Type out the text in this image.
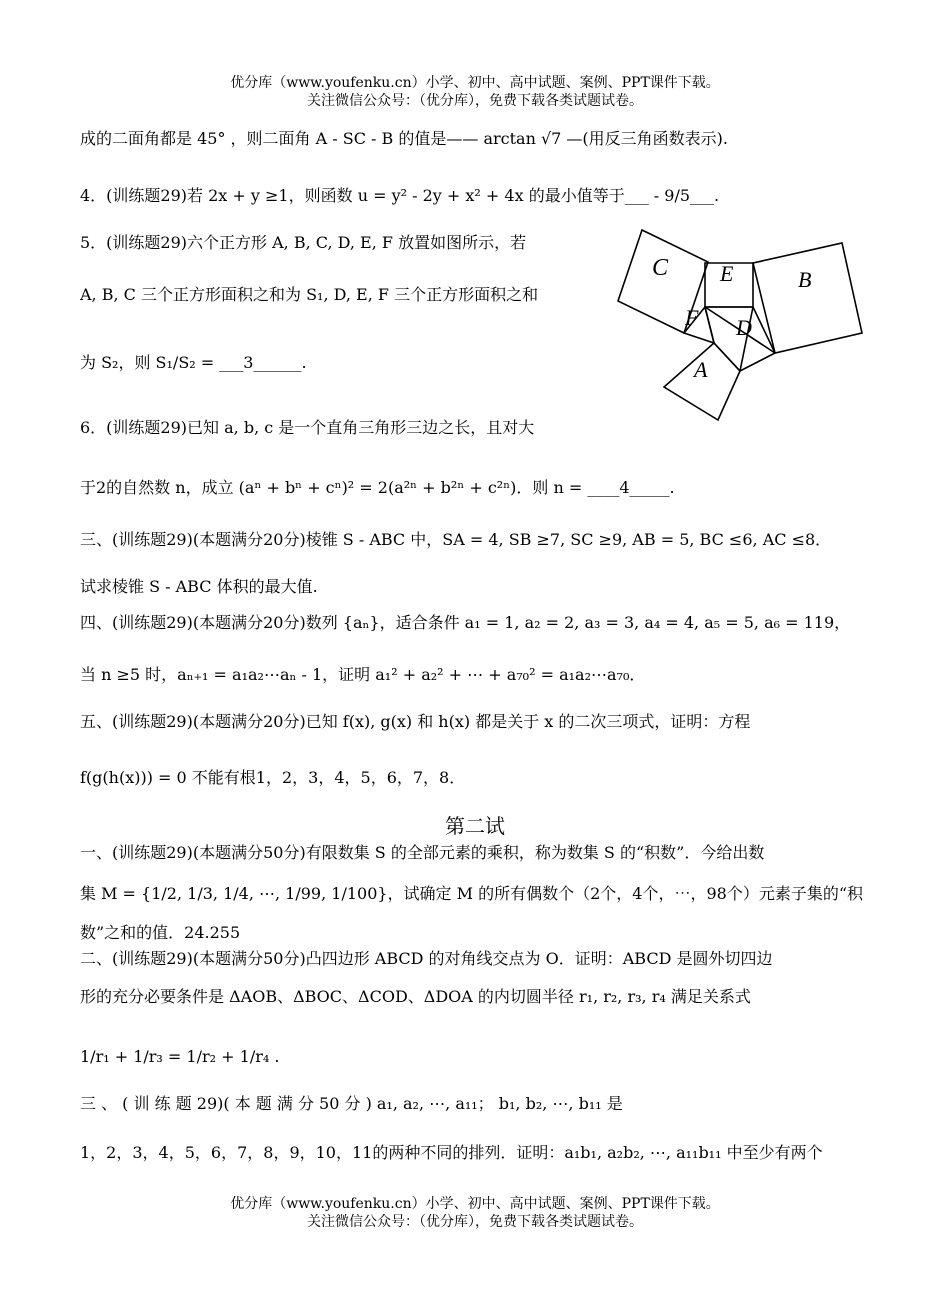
优分库（www.youfenku.cn）小学、初中、高中试题、案例、PPT课件下载。
关注微信公众号：（优分库），免费下载各类试题试卷。
成的二面角都是 45° ，则二面角 A - SC - B 的值是—— arctan √7 —(用反三角函数表示).
4．(训练题29)若 2x + y ≥1，则函数 u = y² - 2y + x² + 4x 的最小值等于___ - 9/5___.
5．(训练题29)六个正方形 A, B, C, D, E, F 放置如图所示，若
A, B, C 三个正方形面积之和为 S₁, D, E, F 三个正方形面积之和
为 S₂，则 S₁/S₂ = ___3______.
6．(训练题29)已知 a, b, c 是一个直角三角形三边之长，且对大
于2的自然数 n，成立 (aⁿ + bⁿ + cⁿ)² = 2(a²ⁿ + b²ⁿ + c²ⁿ)．则 n = ____4_____.
三、(训练题29)(本题满分20分)棱锥 S - ABC 中，SA = 4, SB ≥7, SC ≥9, AB = 5, BC ≤6, AC ≤8．
试求棱锥 S - ABC 体积的最大值.
四、(训练题29)(本题满分20分)数列 {aₙ}，适合条件 a₁ = 1, a₂ = 2, a₃ = 3, a₄ = 4, a₅ = 5, a₆ = 119，
当 n ≥5 时，aₙ₊₁ = a₁a₂⋯aₙ - 1，证明 a₁² + a₂² + ⋯ + a₇₀² = a₁a₂⋯a₇₀．
五、(训练题29)(本题满分20分)已知 f(x), g(x) 和 h(x) 都是关于 x 的二次三项式，证明：方程
f(g(h(x))) = 0 不能有根1，2，3，4，5，6，7，8．
第二试
一、(训练题29)(本题满分50分)有限数集 S 的全部元素的乘积，称为数集 S 的“积数”．今给出数
集 M = {1/2, 1/3, 1/4, ⋯, 1/99, 1/100}，试确定 M 的所有偶数个（2个，4个，⋯，98个）元素子集的“积
数”之和的值．24.255
二、(训练题29)(本题满分50分)凸四边形 ABCD 的对角线交点为 O．证明：ABCD 是圆外切四边
形的充分必要条件是 ΔAOB、ΔBOC、ΔCOD、ΔDOA 的内切圆半径 r₁, r₂, r₃, r₄ 满足关系式
1/r₁ + 1/r₃ = 1/r₂ + 1/r₄ .
三 、 ( 训 练 题 29)( 本 题 满 分 50 分 ) a₁, a₂, ⋯, a₁₁； b₁, b₂, ⋯, b₁₁ 是
1，2，3，4，5，6，7，8，9，10，11的两种不同的排列．证明：a₁b₁, a₂b₂, ⋯, a₁₁b₁₁ 中至少有两个
C E	B
F D
A
优分库（www.youfenku.cn）小学、初中、高中试题、案例、PPT课件下载。
关注微信公众号：（优分库），免费下载各类试题试卷。
